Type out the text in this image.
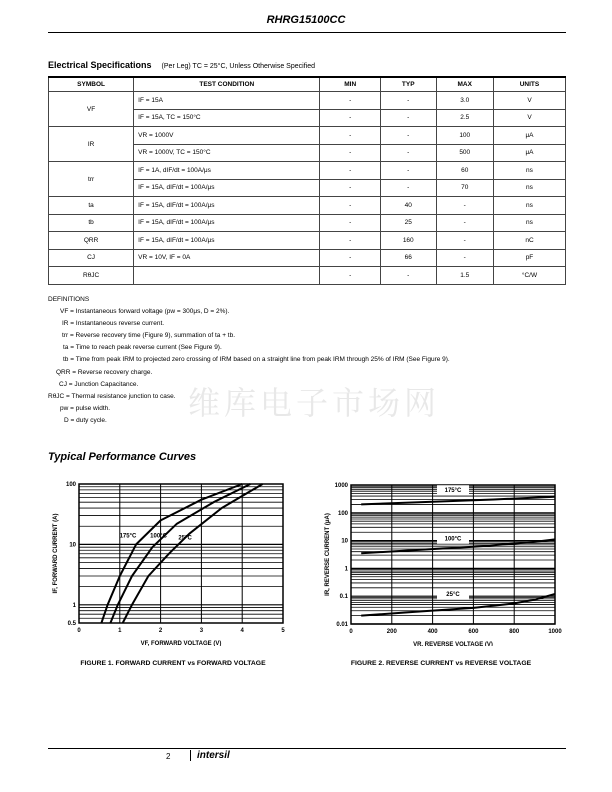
RHRG15100CC
Electrical Specifications (Per Leg) TC = 25°C, Unless Otherwise Specified
SYMBOL	TEST CONDITION	MIN	TYP	MAX	UNITS
VF	IF = 15A	-	-	3.0	V
	IF = 15A, TC = 150°C	-	-	2.5	V
IR	VR = 1000V	-	-	100	μA
	VR = 1000V, TC = 150°C	-	-	500	μA
trr	IF = 1A, dIF/dt = 100A/μs	-	-	60	ns
	IF = 15A, dIF/dt = 100A/μs	-	-	70	ns
ta	IF = 15A, dIF/dt = 100A/μs	-	40	-	ns
tb	IF = 15A, dIF/dt = 100A/μs	-	25	-	ns
QRR	IF = 15A, dIF/dt = 100A/μs	-	160	-	nC
CJ	VR = 10V, IF = 0A	-	66	-	pF
RθJC		-	-	1.5	°C/W
维库电子市场网
DEFINITIONS
VF = Instantaneous forward voltage (pw = 300μs, D = 2%).
IR = Instantaneous reverse current.
trr = Reverse recovery time (Figure 9), summation of ta + tb.
ta = Time to reach peak reverse current (See Figure 9).
tb = Time from peak IRM to projected zero crossing of IRM based on a straight line from peak IRM through 25% of IRM (See Figure 9).
QRR = Reverse recovery charge.
CJ = Junction Capacitance.
RθJC = Thermal resistance junction to case.
pw = pulse width.
D = duty cycle.
Typical Performance Curves
0	1	2	3	4	5
100
10
1
0.5
175°C 100°C 25°C
VF, FORWARD VOLTAGE (V)
IF, FORWARD CURRENT (A)
FIGURE 1. FORWARD CURRENT vs FORWARD VOLTAGE
0	200	400	600	800	1000
1000
100
10
1
0.1
0.01
175°C
100°C
25°C
VR, REVERSE VOLTAGE (V)
IR, REVERSE CURRENT (μA)
FIGURE 2. REVERSE CURRENT vs REVERSE VOLTAGE
2	intersil
